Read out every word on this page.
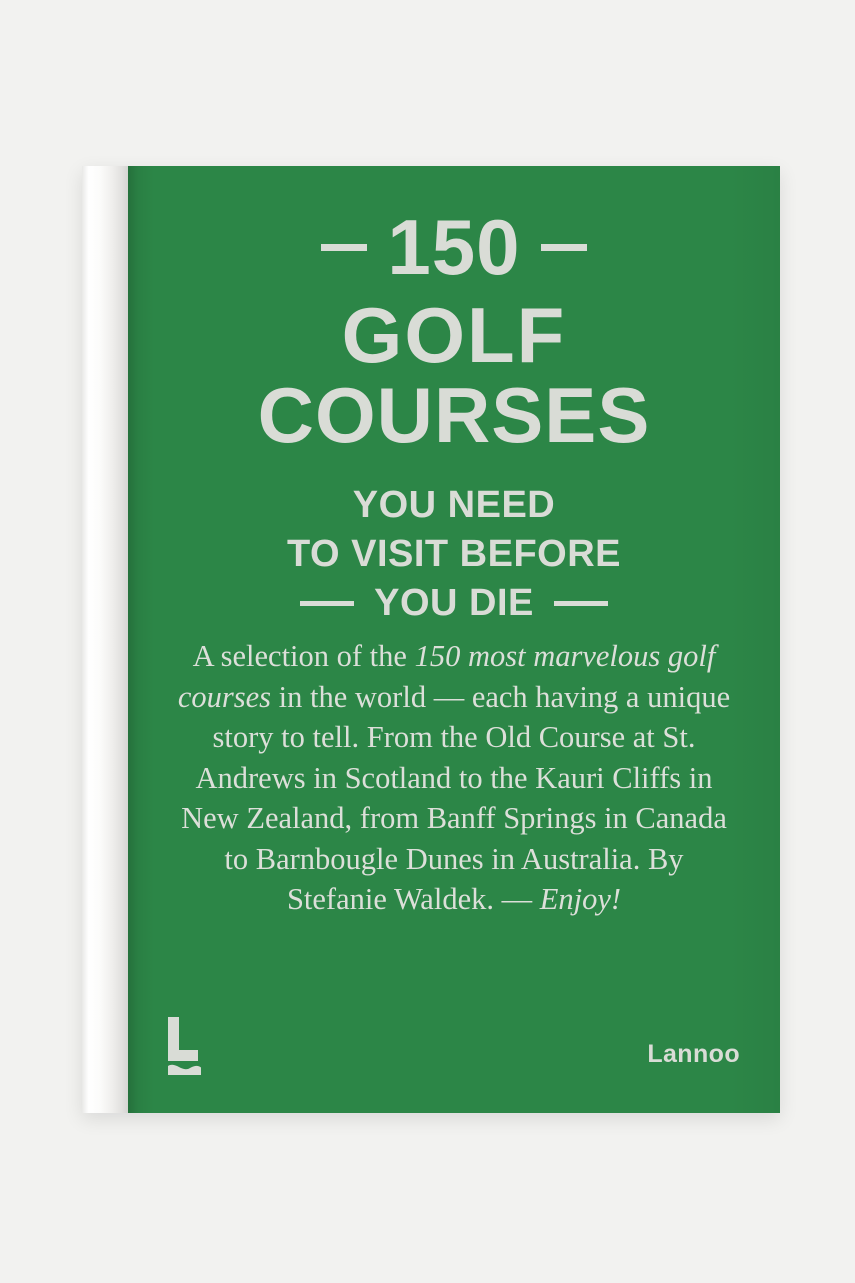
150
GOLF
COURSES
YOU NEED
TO VISIT BEFORE
YOU DIE
A selection of the 150 most marvelous golf courses in the world — each having a unique story to tell. From the Old Course at St. Andrews in Scotland to the Kauri Cliffs in New Zealand, from Banff Springs in Canada to Barnbougle Dunes in Australia. By Stefanie Waldek. — Enjoy!
Lannoo
